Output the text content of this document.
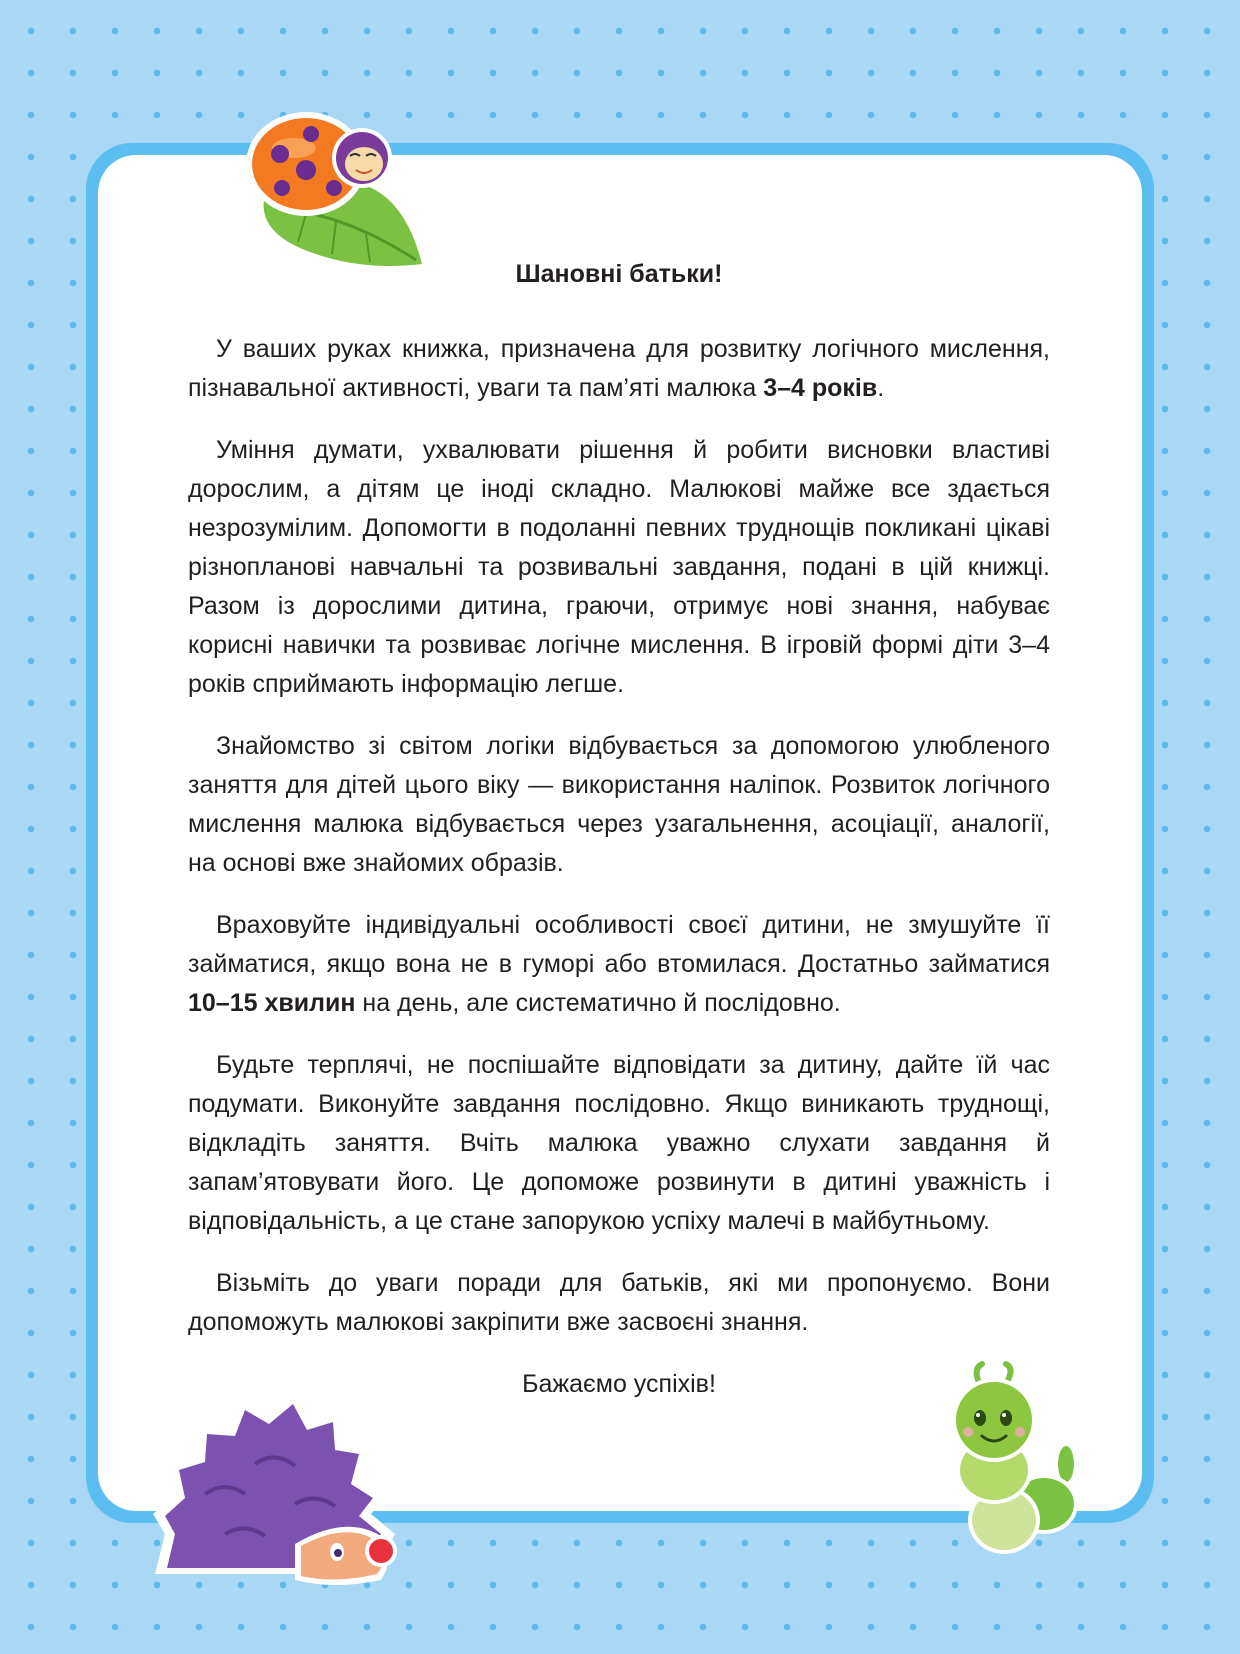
Шановні батьки!

У ваших руках книжка, призначена для розвитку логічного мислення, пізнавальної активності, уваги та пам’яті малюка 3–4 років.

Уміння думати, ухвалювати рішення й робити висновки властиві дорослим, а дітям це іноді складно. Малюкові майже все здається незрозумілим. Допомогти в подоланні певних труднощів покликані цікаві різнопланові навчальні та розвивальні завдання, подані в цій книжці. Разом із дорослими дитина, граючи, отримує нові знання, набуває корисні навички та розвиває логічне мислення. В ігровій формі діти 3–4 років сприймають інформацію легше.

Знайомство зі світом логіки відбувається за допомогою улюбленого заняття для дітей цього віку — використання наліпок. Розвиток логічного мислення малюка відбувається через узагальнення, асоціації, аналогії, на основі вже знайомих образів.

Враховуйте індивідуальні особливості своєї дитини, не змушуйте її займатися, якщо вона не в гуморі або втомилася. Достатньо займатися 10–15 хвилин на день, але систематично й послідовно.

Будьте терплячі, не поспішайте відповідати за дитину, дайте їй час подумати. Виконуйте завдання послідовно. Якщо виникають труднощі, відкладіть заняття. Вчіть малюка уважно слухати завдання й запам’ятовувати його. Це допоможе розвинути в дитині уважність і відповідальність, а це стане запорукою успіху малечі в майбутньому.

Візьміть до уваги поради для батьків, які ми пропонуємо. Вони допоможуть малюкові закріпити вже засвоєні знання.

Бажаємо успіхів!
